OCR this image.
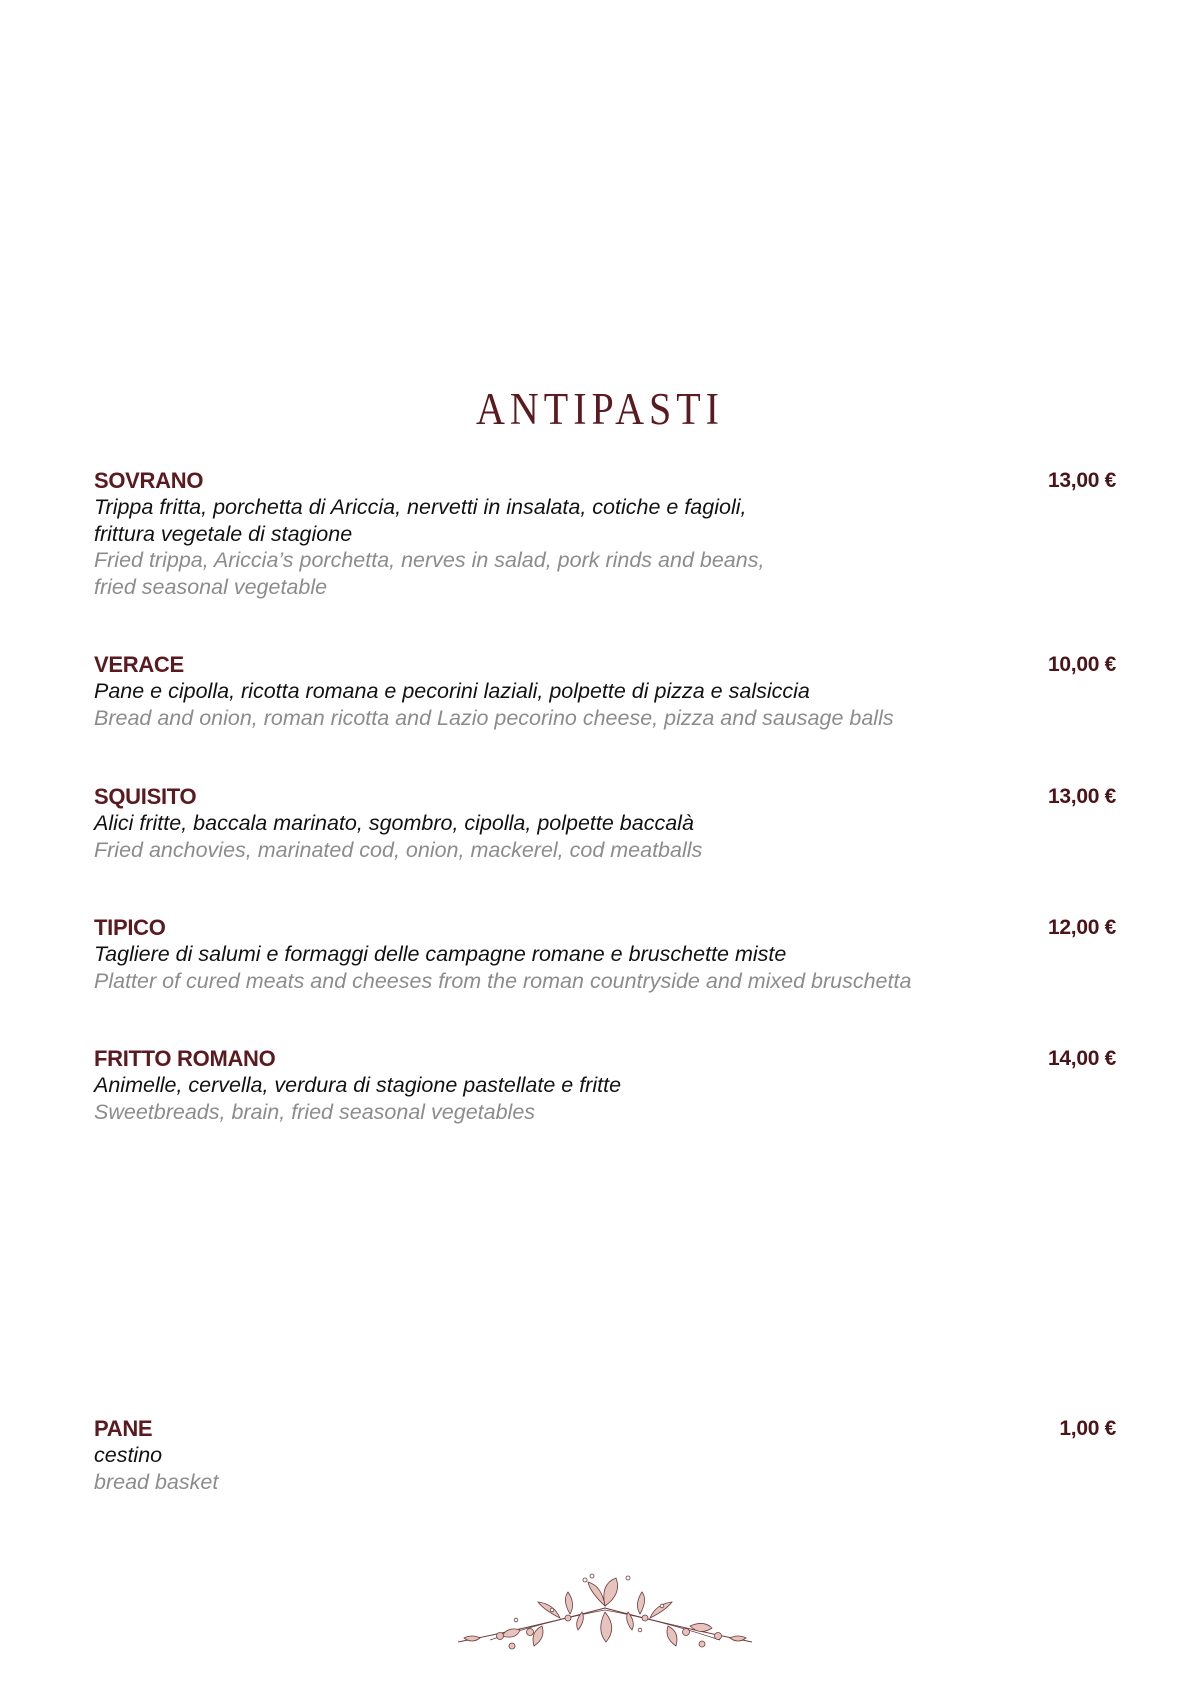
ANTIPASTI
SOVRANO	13,00 €
Trippa fritta, porchetta di Ariccia, nervetti in insalata, cotiche e fagioli,
frittura vegetale di stagione
Fried trippa, Ariccia’s porchetta, nerves in salad, pork rinds and beans,
fried seasonal vegetable
VERACE	10,00 €
Pane e cipolla, ricotta romana e pecorini laziali, polpette di pizza e salsiccia
Bread and onion, roman ricotta and Lazio pecorino cheese, pizza and sausage balls
SQUISITO	13,00 €
Alici fritte, baccala marinato, sgombro, cipolla, polpette baccalà
Fried anchovies, marinated cod, onion, mackerel, cod meatballs
TIPICO	12,00 €
Tagliere di salumi e formaggi delle campagne romane e bruschette miste
Platter of cured meats and cheeses from the roman countryside and mixed bruschetta
FRITTO ROMANO	14,00 €
Animelle, cervella, verdura di stagione pastellate e fritte
Sweetbreads, brain, fried seasonal vegetables
PANE	1,00 €
cestino
bread basket
